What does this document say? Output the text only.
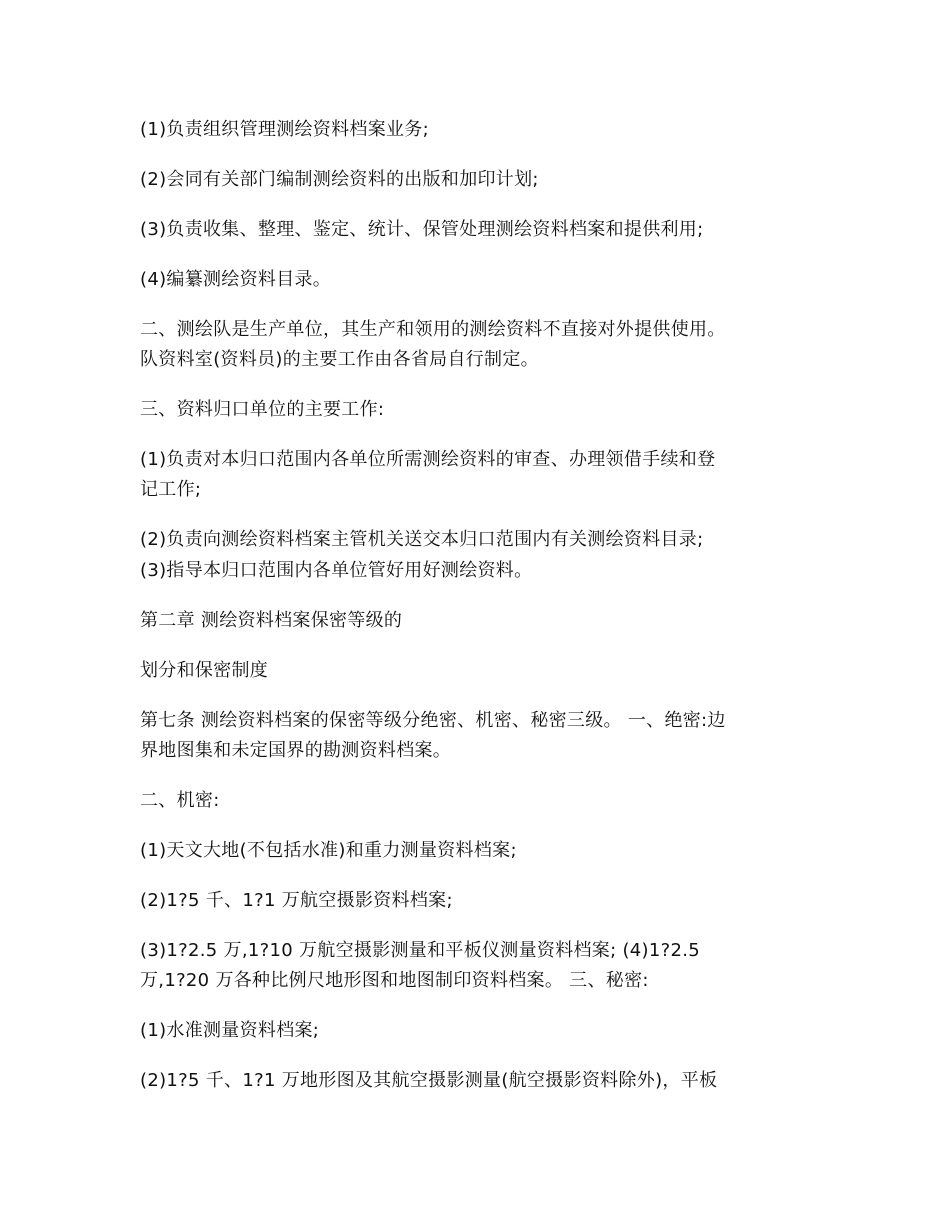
(1)负责组织管理测绘资料档案业务;
(2)会同有关部门编制测绘资料的出版和加印计划;
(3)负责收集、整理、鉴定、统计、保管处理测绘资料档案和提供利用;
(4)编纂测绘资料目录。
二、测绘队是生产单位，其生产和领用的测绘资料不直接对外提供使用。
队资料室(资料员)的主要工作由各省局自行制定。
三、资料归口单位的主要工作:
(1)负责对本归口范围内各单位所需测绘资料的审查、办理领借手续和登
记工作;
(2)负责向测绘资料档案主管机关送交本归口范围内有关测绘资料目录;
(3)指导本归口范围内各单位管好用好测绘资料。
第二章 测绘资料档案保密等级的
划分和保密制度
第七条 测绘资料档案的保密等级分绝密、机密、秘密三级。 一、绝密:边
界地图集和未定国界的勘测资料档案。
二、机密:
(1)天文大地(不包括水准)和重力测量资料档案;
(2)1?5 千、1?1 万航空摄影资料档案;
(3)1?2.5 万,1?10 万航空摄影测量和平板仪测量资料档案; (4)1?2.5
万,1?20 万各种比例尺地形图和地图制印资料档案。 三、秘密:
(1)水准测量资料档案;
(2)1?5 千、1?1 万地形图及其航空摄影测量(航空摄影资料除外)，平板
